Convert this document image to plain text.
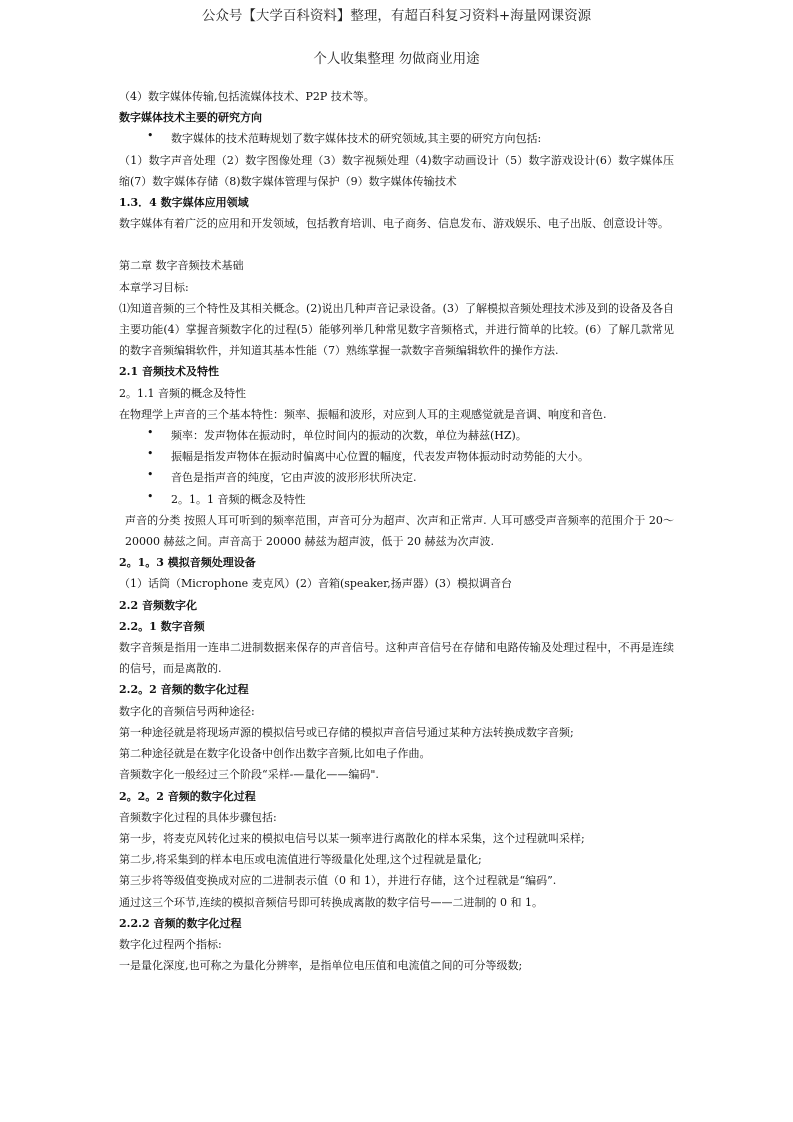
公众号【大学百科资料】整理，有超百科复习资料+海量网课资源
个人收集整理 勿做商业用途

（4）数字媒体传输,包括流媒体技术、P2P 技术等。

数字媒体技术主要的研究方向

• 数字媒体的技术范畴规划了数字媒体技术的研究领域,其主要的研究方向包括:

（1）数字声音处理（2）数字图像处理（3）数字视频处理（4)数字动画设计（5）数字游戏设计(6）数字媒体压缩(7）数字媒体存储（8)数字媒体管理与保护（9）数字媒体传输技术

1.3．4 数字媒体应用领域

数字媒体有着广泛的应用和开发领域，包括教育培训、电子商务、信息发布、游戏娱乐、电子出版、创意设计等。

第二章 数字音频技术基础

本章学习目标:

⑴知道音频的三个特性及其相关概念。(2)说出几种声音记录设备。(3）了解模拟音频处理技术涉及到的设备及各自主要功能(4）掌握音频数字化的过程(5）能够列举几种常见数字音频格式，并进行简单的比较。(6）了解几款常见的数字音频编辑软件，并知道其基本性能（7）熟练掌握一款数字音频编辑软件的操作方法.

2.1 音频技术及特性

2。1.1 音频的概念及特性

在物理学上声音的三个基本特性：频率、振幅和波形，对应到人耳的主观感觉就是音调、响度和音色.

• 频率：发声物体在振动时，单位时间内的振动的次数，单位为赫兹(HZ)。

• 振幅是指发声物体在振动时偏离中心位置的幅度，代表发声物体振动时动势能的大小。

• 音色是指声音的纯度，它由声波的波形形状所决定.

• 2。1。1 音频的概念及特性

声音的分类 按照人耳可听到的频率范围，声音可分为超声、次声和正常声. 人耳可感受声音频率的范围介于 20～20000 赫兹之间。声音高于 20000 赫兹为超声波，低于 20 赫兹为次声波.

2。1。3 模拟音频处理设备

（1）话筒（Microphone 麦克风）(2）音箱(speaker,扬声器）(3）模拟调音台

2.2 音频数字化

2.2。1 数字音频

数字音频是指用一连串二进制数据来保存的声音信号。这种声音信号在存储和电路传输及处理过程中，不再是连续的信号，而是离散的.

2.2。2 音频的数字化过程

数字化的音频信号两种途径:

第一种途径就是将现场声源的模拟信号或已存储的模拟声音信号通过某种方法转换成数字音频;

第二种途径就是在数字化设备中创作出数字音频,比如电子作曲。

音频数字化一般经过三个阶段“采样-—量化——编码".

2。2。2 音频的数字化过程

音频数字化过程的具体步骤包括:

第一步，将麦克风转化过来的模拟电信号以某一频率进行离散化的样本采集，这个过程就叫采样;

第二步,将采集到的样本电压或电流值进行等级量化处理,这个过程就是量化;

第三步将等级值变换成对应的二进制表示值（0 和 1），并进行存储，这个过程就是“编码”.

通过这三个环节,连续的模拟音频信号即可转换成离散的数字信号——二进制的 0 和 1。

2.2.2 音频的数字化过程

数字化过程两个指标:

一是量化深度,也可称之为量化分辨率，是指单位电压值和电流值之间的可分等级数;
